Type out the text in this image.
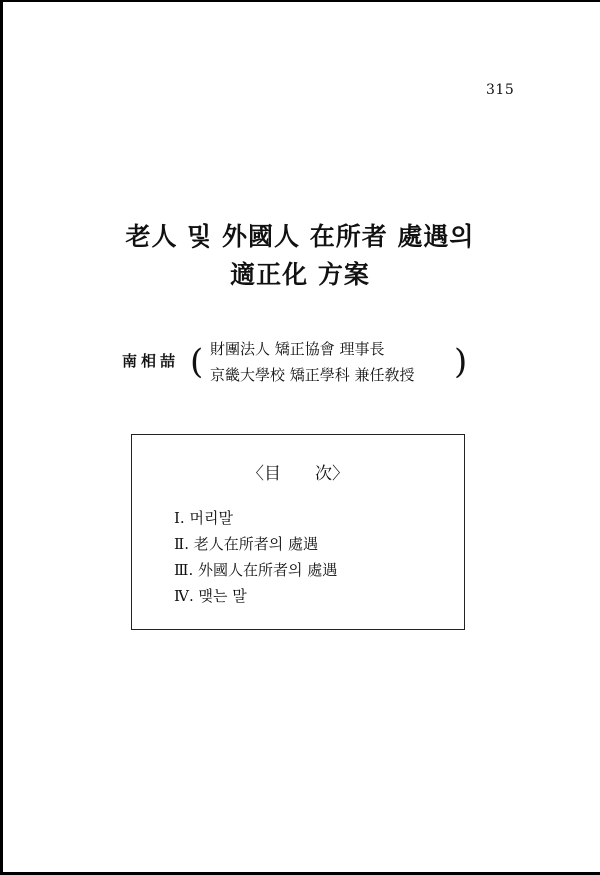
315
老人 및 外國人 在所者 處遇의
適正化 方案
南相喆 ( 財團法人 矯正協會 理事長
京畿大學校 矯正學科 兼任敎授 )
〈目　　次〉
Ⅰ. 머리말
Ⅱ. 老人在所者의 處遇
Ⅲ. 外國人在所者의 處遇
Ⅳ. 맺는 말
